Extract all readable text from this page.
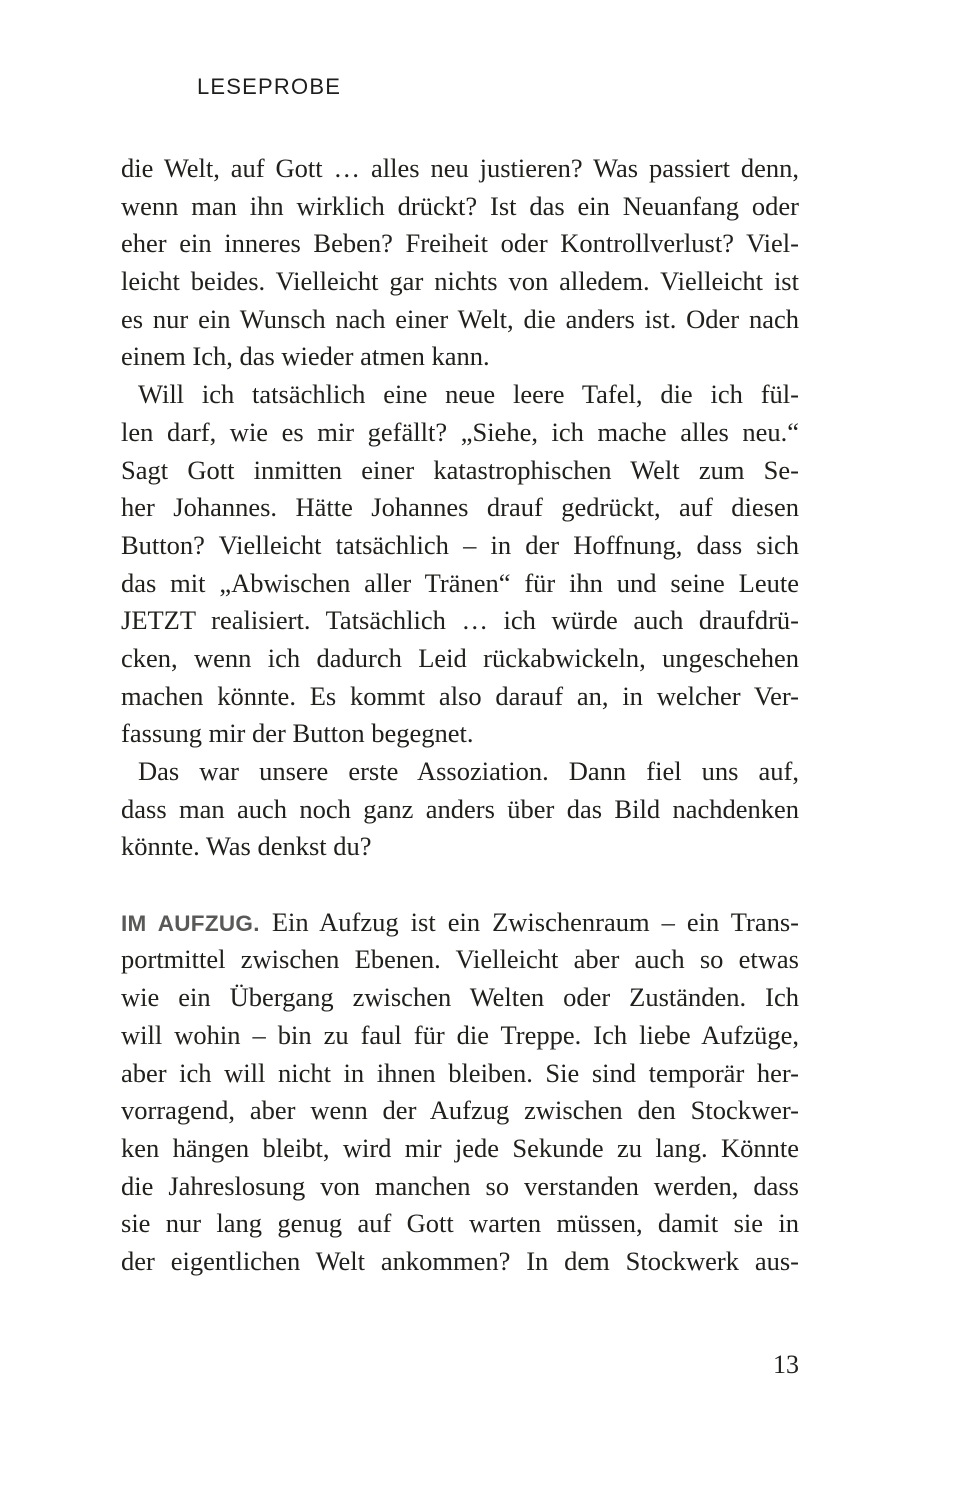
LESEPROBE
die Welt, auf Gott … alles neu justieren? Was passiert denn,
wenn man ihn wirklich drückt? Ist das ein Neuanfang oder
eher ein inneres Beben? Freiheit oder Kontrollverlust? Viel-
leicht beides. Vielleicht gar nichts von alledem. Vielleicht ist
es nur ein Wunsch nach einer Welt, die anders ist. Oder nach
einem Ich, das wieder atmen kann.
Will ich tatsächlich eine neue leere Tafel, die ich fül-
len darf, wie es mir gefällt? „Siehe, ich mache alles neu.“
Sagt Gott inmitten einer katastrophischen Welt zum Se-
her Johannes. Hätte Johannes drauf gedrückt, auf diesen
Button? Vielleicht tatsächlich – in der Hoffnung, dass sich
das mit „Abwischen aller Tränen“ für ihn und seine Leute
JETZT realisiert. Tatsächlich … ich würde auch draufdrü-
cken, wenn ich dadurch Leid rückabwickeln, ungeschehen
machen könnte. Es kommt also darauf an, in welcher Ver-
fassung mir der Button begegnet.
Das war unsere erste Assoziation. Dann fiel uns auf,
dass man auch noch ganz anders über das Bild nachdenken
könnte. Was denkst du?
IM AUFZUG. Ein Aufzug ist ein Zwischenraum – ein Trans-
portmittel zwischen Ebenen. Vielleicht aber auch so etwas
wie ein Übergang zwischen Welten oder Zuständen. Ich
will wohin – bin zu faul für die Treppe. Ich liebe Aufzüge,
aber ich will nicht in ihnen bleiben. Sie sind temporär her-
vorragend, aber wenn der Aufzug zwischen den Stockwer-
ken hängen bleibt, wird mir jede Sekunde zu lang. Könnte
die Jahreslosung von manchen so verstanden werden, dass
sie nur lang genug auf Gott warten müssen, damit sie in
der eigentlichen Welt ankommen? In dem Stockwerk aus-
13
